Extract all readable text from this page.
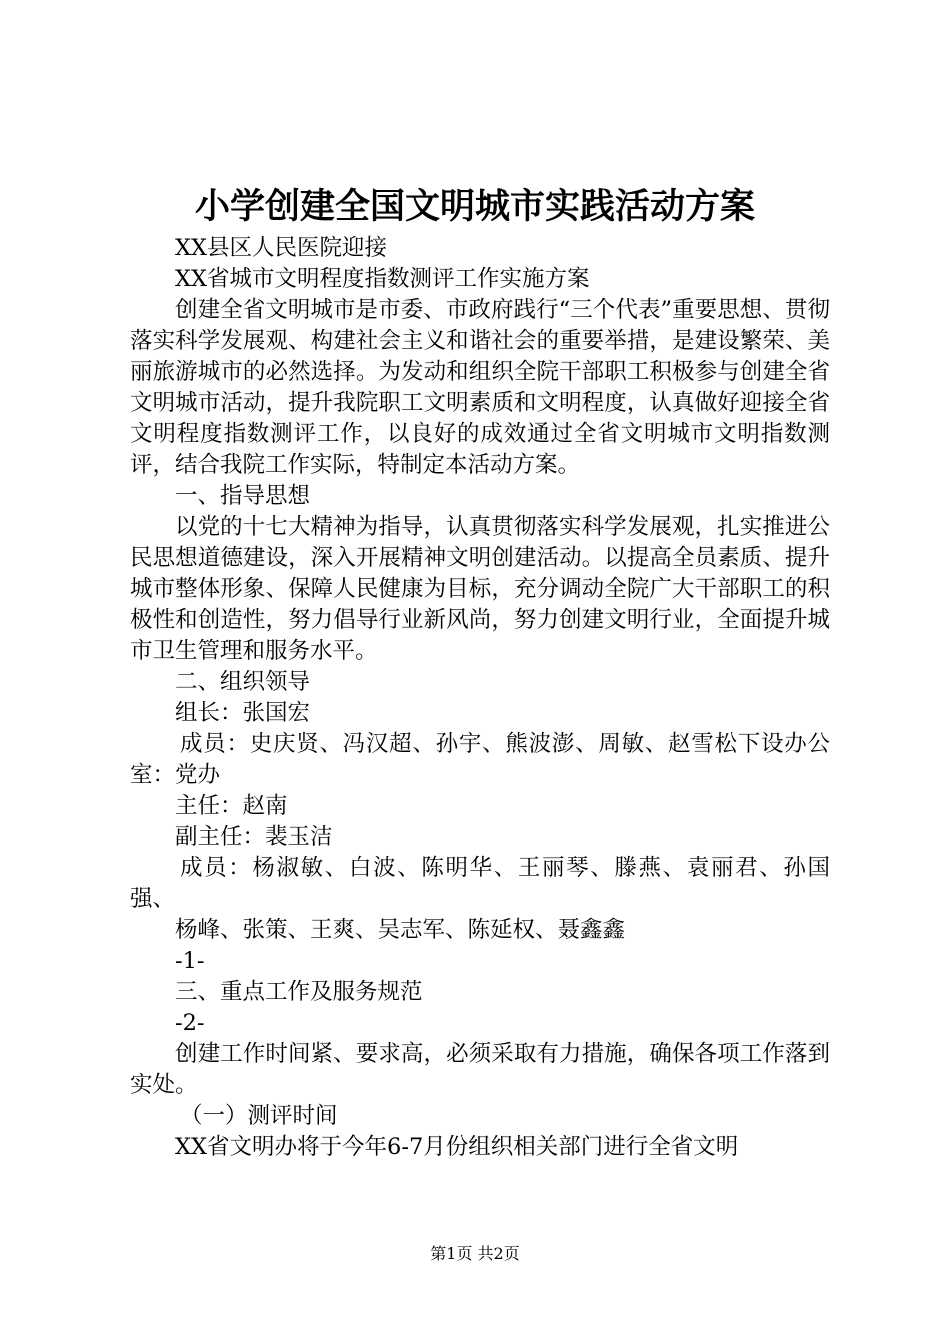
小学创建全国文明城市实践活动方案

XX县区人民医院迎接

XX省城市文明程度指数测评工作实施方案

创建全省文明城市是市委、市政府践行“三个代表”重要思想、贯彻落实科学发展观、构建社会主义和谐社会的重要举措，是建设繁荣、美丽旅游城市的必然选择。为发动和组织全院干部职工积极参与创建全省文明城市活动，提升我院职工文明素质和文明程度，认真做好迎接全省文明程度指数测评工作，以良好的成效通过全省文明城市文明指数测评，结合我院工作实际，特制定本活动方案。

一、指导思想

以党的十七大精神为指导，认真贯彻落实科学发展观，扎实推进公民思想道德建设，深入开展精神文明创建活动。以提高全员素质、提升城市整体形象、保障人民健康为目标，充分调动全院广大干部职工的积极性和创造性，努力倡导行业新风尚，努力创建文明行业，全面提升城市卫生管理和服务水平。

二、组织领导

组长：张国宏

成员：史庆贤、冯汉超、孙宇、熊波澎、周敏、赵雪松下设办公室：党办

主任：赵南

副主任：裴玉洁

成员：杨淑敏、白波、陈明华、王丽琴、滕燕、袁丽君、孙国强、

杨峰、张策、王爽、吴志军、陈延权、聂鑫鑫

-1-

三、重点工作及服务规范

-2-

创建工作时间紧、要求高，必须采取有力措施，确保各项工作落到实处。

（一）测评时间

XX省文明办将于今年6-7月份组织相关部门进行全省文明

第1页 共2页
